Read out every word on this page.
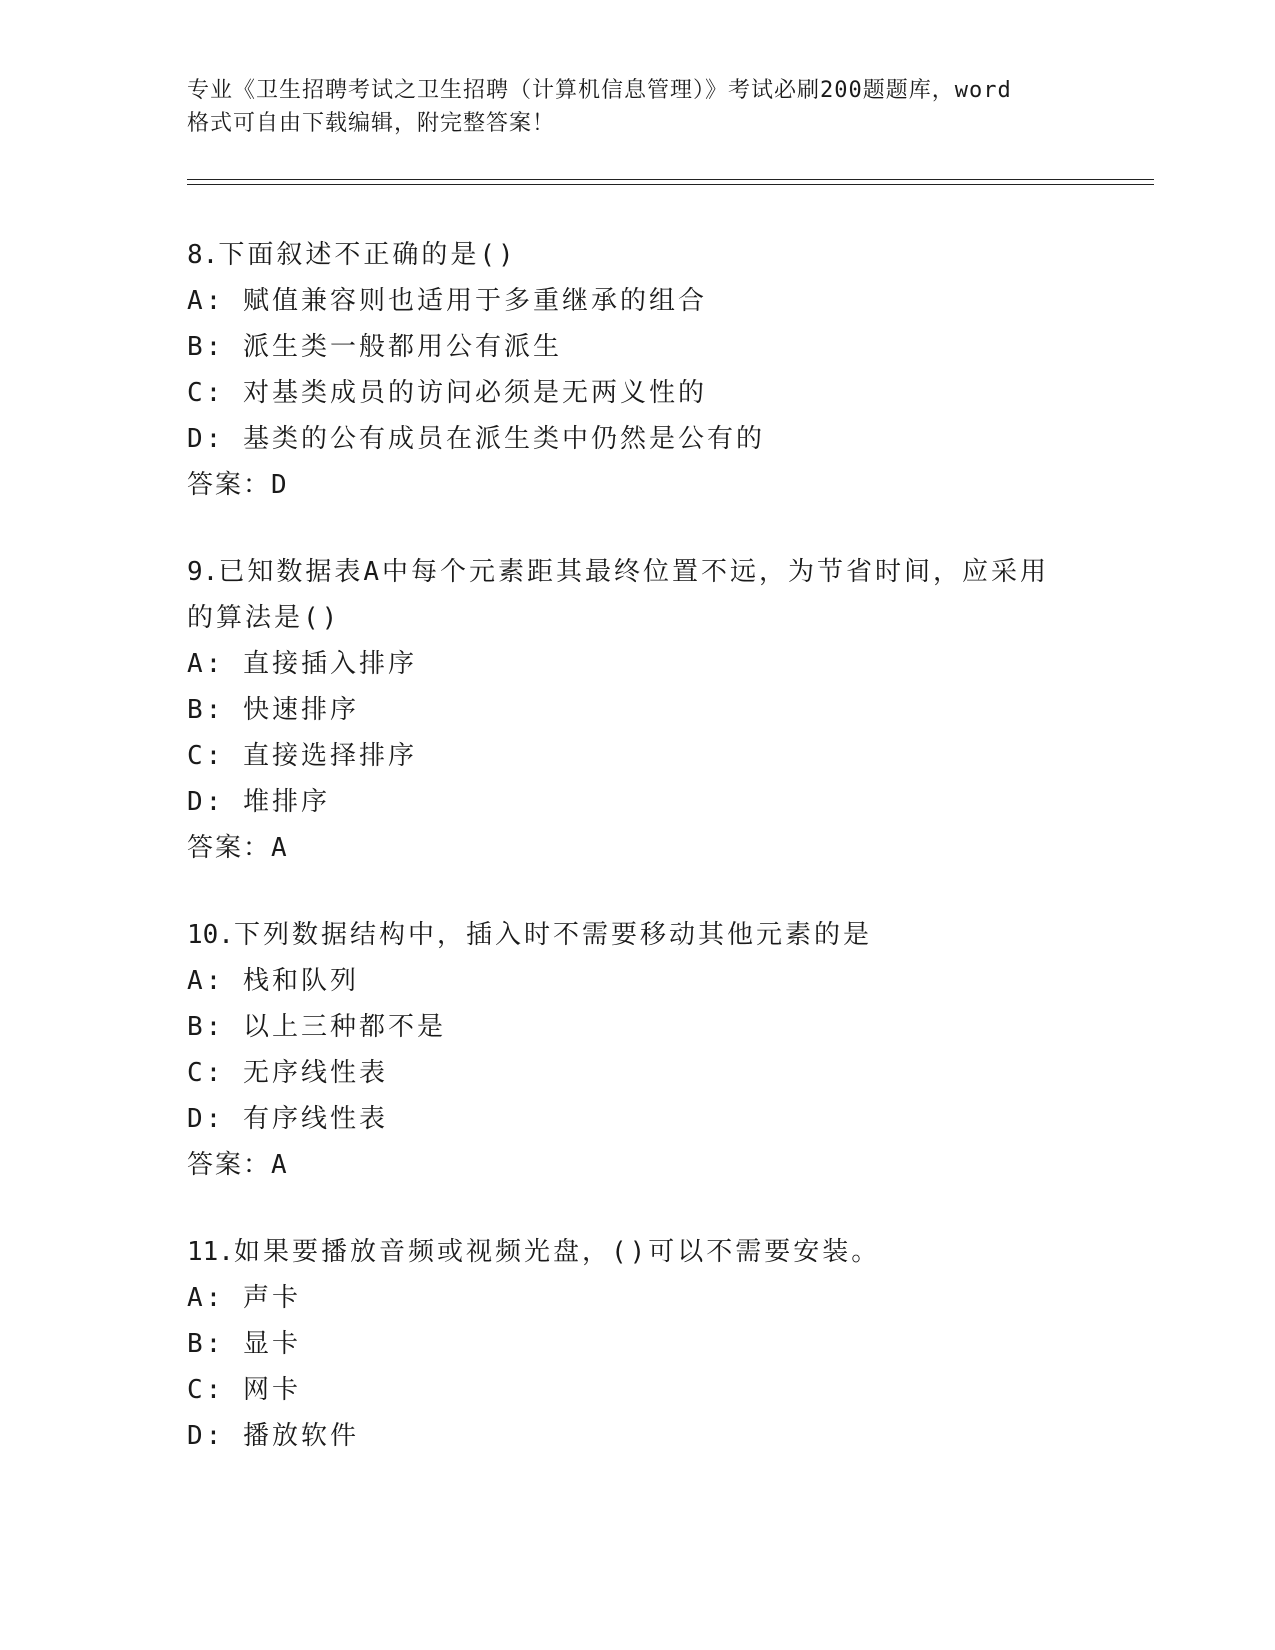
专业《卫生招聘考试之卫生招聘（计算机信息管理）》考试必刷200题题库，word
格式可自由下载编辑，附完整答案！
8.下面叙述不正确的是()
A: 赋值兼容则也适用于多重继承的组合
B: 派生类一般都用公有派生
C: 对基类成员的访问必须是无两义性的
D: 基类的公有成员在派生类中仍然是公有的
答案：D
9.已知数据表A中每个元素距其最终位置不远，为节省时间，应采用
的算法是()
A: 直接插入排序
B: 快速排序
C: 直接选择排序
D: 堆排序
答案：A
10.下列数据结构中，插入时不需要移动其他元素的是
A: 栈和队列
B: 以上三种都不是
C: 无序线性表
D: 有序线性表
答案：A
11.如果要播放音频或视频光盘，()可以不需要安装。
A: 声卡
B: 显卡
C: 网卡
D: 播放软件
